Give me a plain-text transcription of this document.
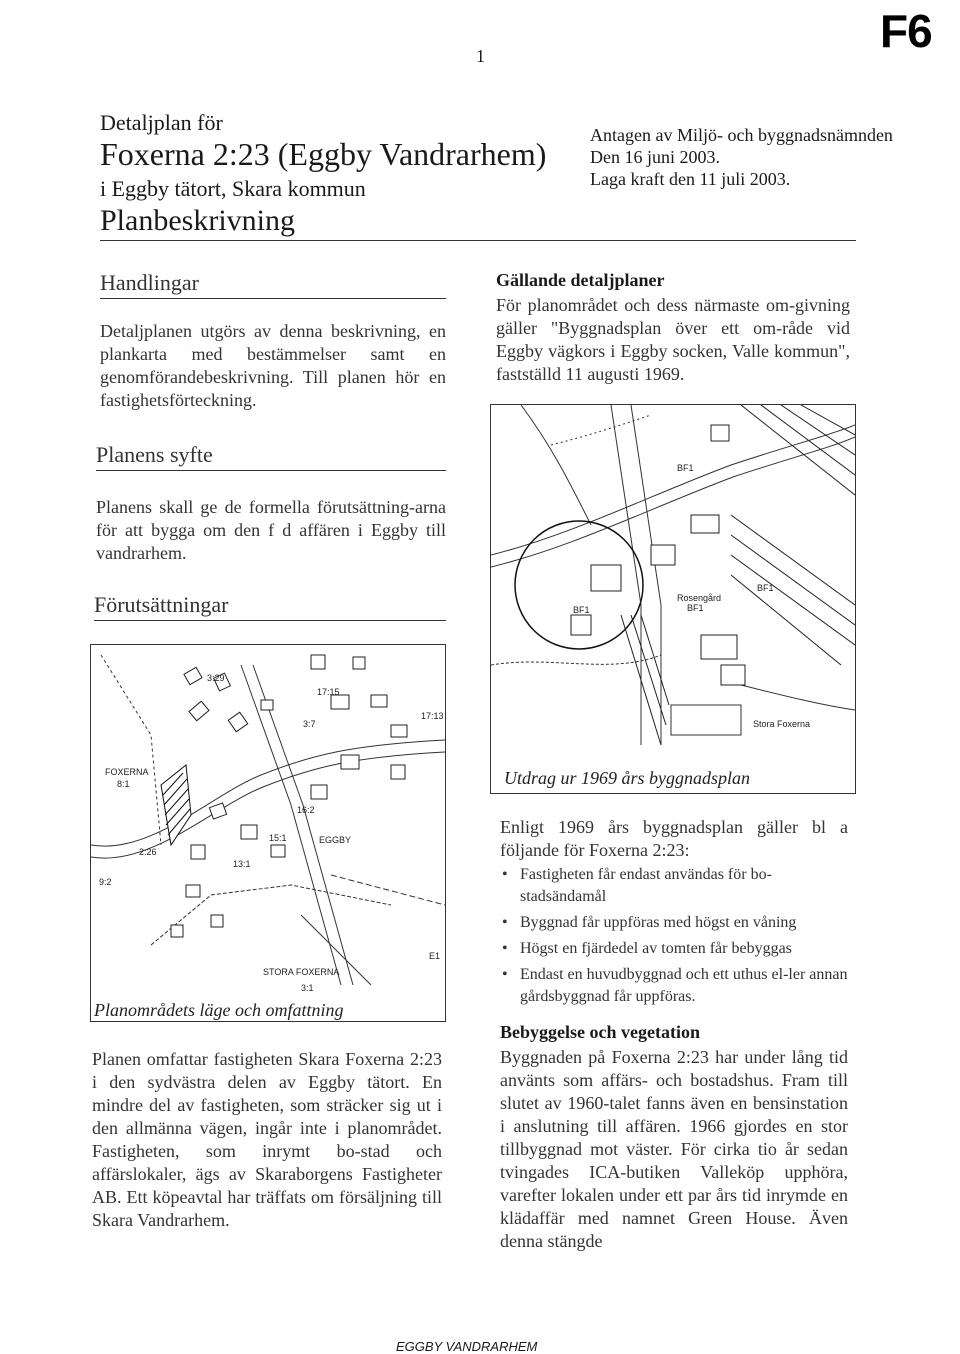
F6
1
Detaljplan för
Foxerna 2:23 (Eggby Vandrarhem)
i Eggby tätort, Skara kommun
Planbeskrivning
Antagen av Miljö- och byggnadsnämnden
Den 16 juni 2003.
Laga kraft den 11 juli 2003.
Handlingar
Detaljplanen utgörs av denna beskrivning, en plankarta med bestämmelser samt en genomförandebeskrivning. Till planen hör en fastighetsförteckning.
Planens syfte
Planens skall ge de formella förutsättning-arna för att bygga om den f d affären i Eggby till vandrarhem.
Förutsättningar
FOXERNA
8:1
EGGBY
STORA FOXERNA
3:1
2:26
9:2
3:29
17:15
16:2
15:1
13:1
3:7
17:13
E1
Planområdets läge och omfattning
Planen omfattar fastigheten Skara Foxerna 2:23 i den sydvästra delen av Eggby tätort. En mindre del av fastigheten, som sträcker sig ut i den allmänna vägen, ingår inte i planområdet. Fastigheten, som inrymt bo-stad och affärslokaler, ägs av Skaraborgens Fastigheter AB. Ett köpeavtal har träffats om försäljning till Skara Vandrarhem.
Gällande detaljplaner
För planområdet och dess närmaste om-givning gäller "Byggnadsplan över ett om-råde vid Eggby vägkors i Eggby socken, Valle kommun", fastställd 11 augusti 1969.
BF1
BF1	BF1
BF1
Rosengård
Stora Foxerna
Utdrag ur 1969 års byggnadsplan
Enligt 1969 års byggnadsplan gäller bl a följande för Foxerna 2:23:
• Fastigheten får endast användas för bo-stadsändamål
• Byggnad får uppföras med högst en våning
• Högst en fjärdedel av tomten får bebyggas
• Endast en huvudbyggnad och ett uthus el-ler annan gårdsbyggnad får uppföras.
Bebyggelse och vegetation
Byggnaden på Foxerna 2:23 har under lång tid använts som affärs- och bostadshus. Fram till slutet av 1960-talet fanns även en bensinstation i anslutning till affären. 1966 gjordes en stor tillbyggnad mot väster. För cirka tio år sedan tvingades ICA-butiken Valleköp upphöra, varefter lokalen under ett par års tid inrymde en klädaffär med namnet Green House. Även denna stängde
EGGBY VANDRARHEM
